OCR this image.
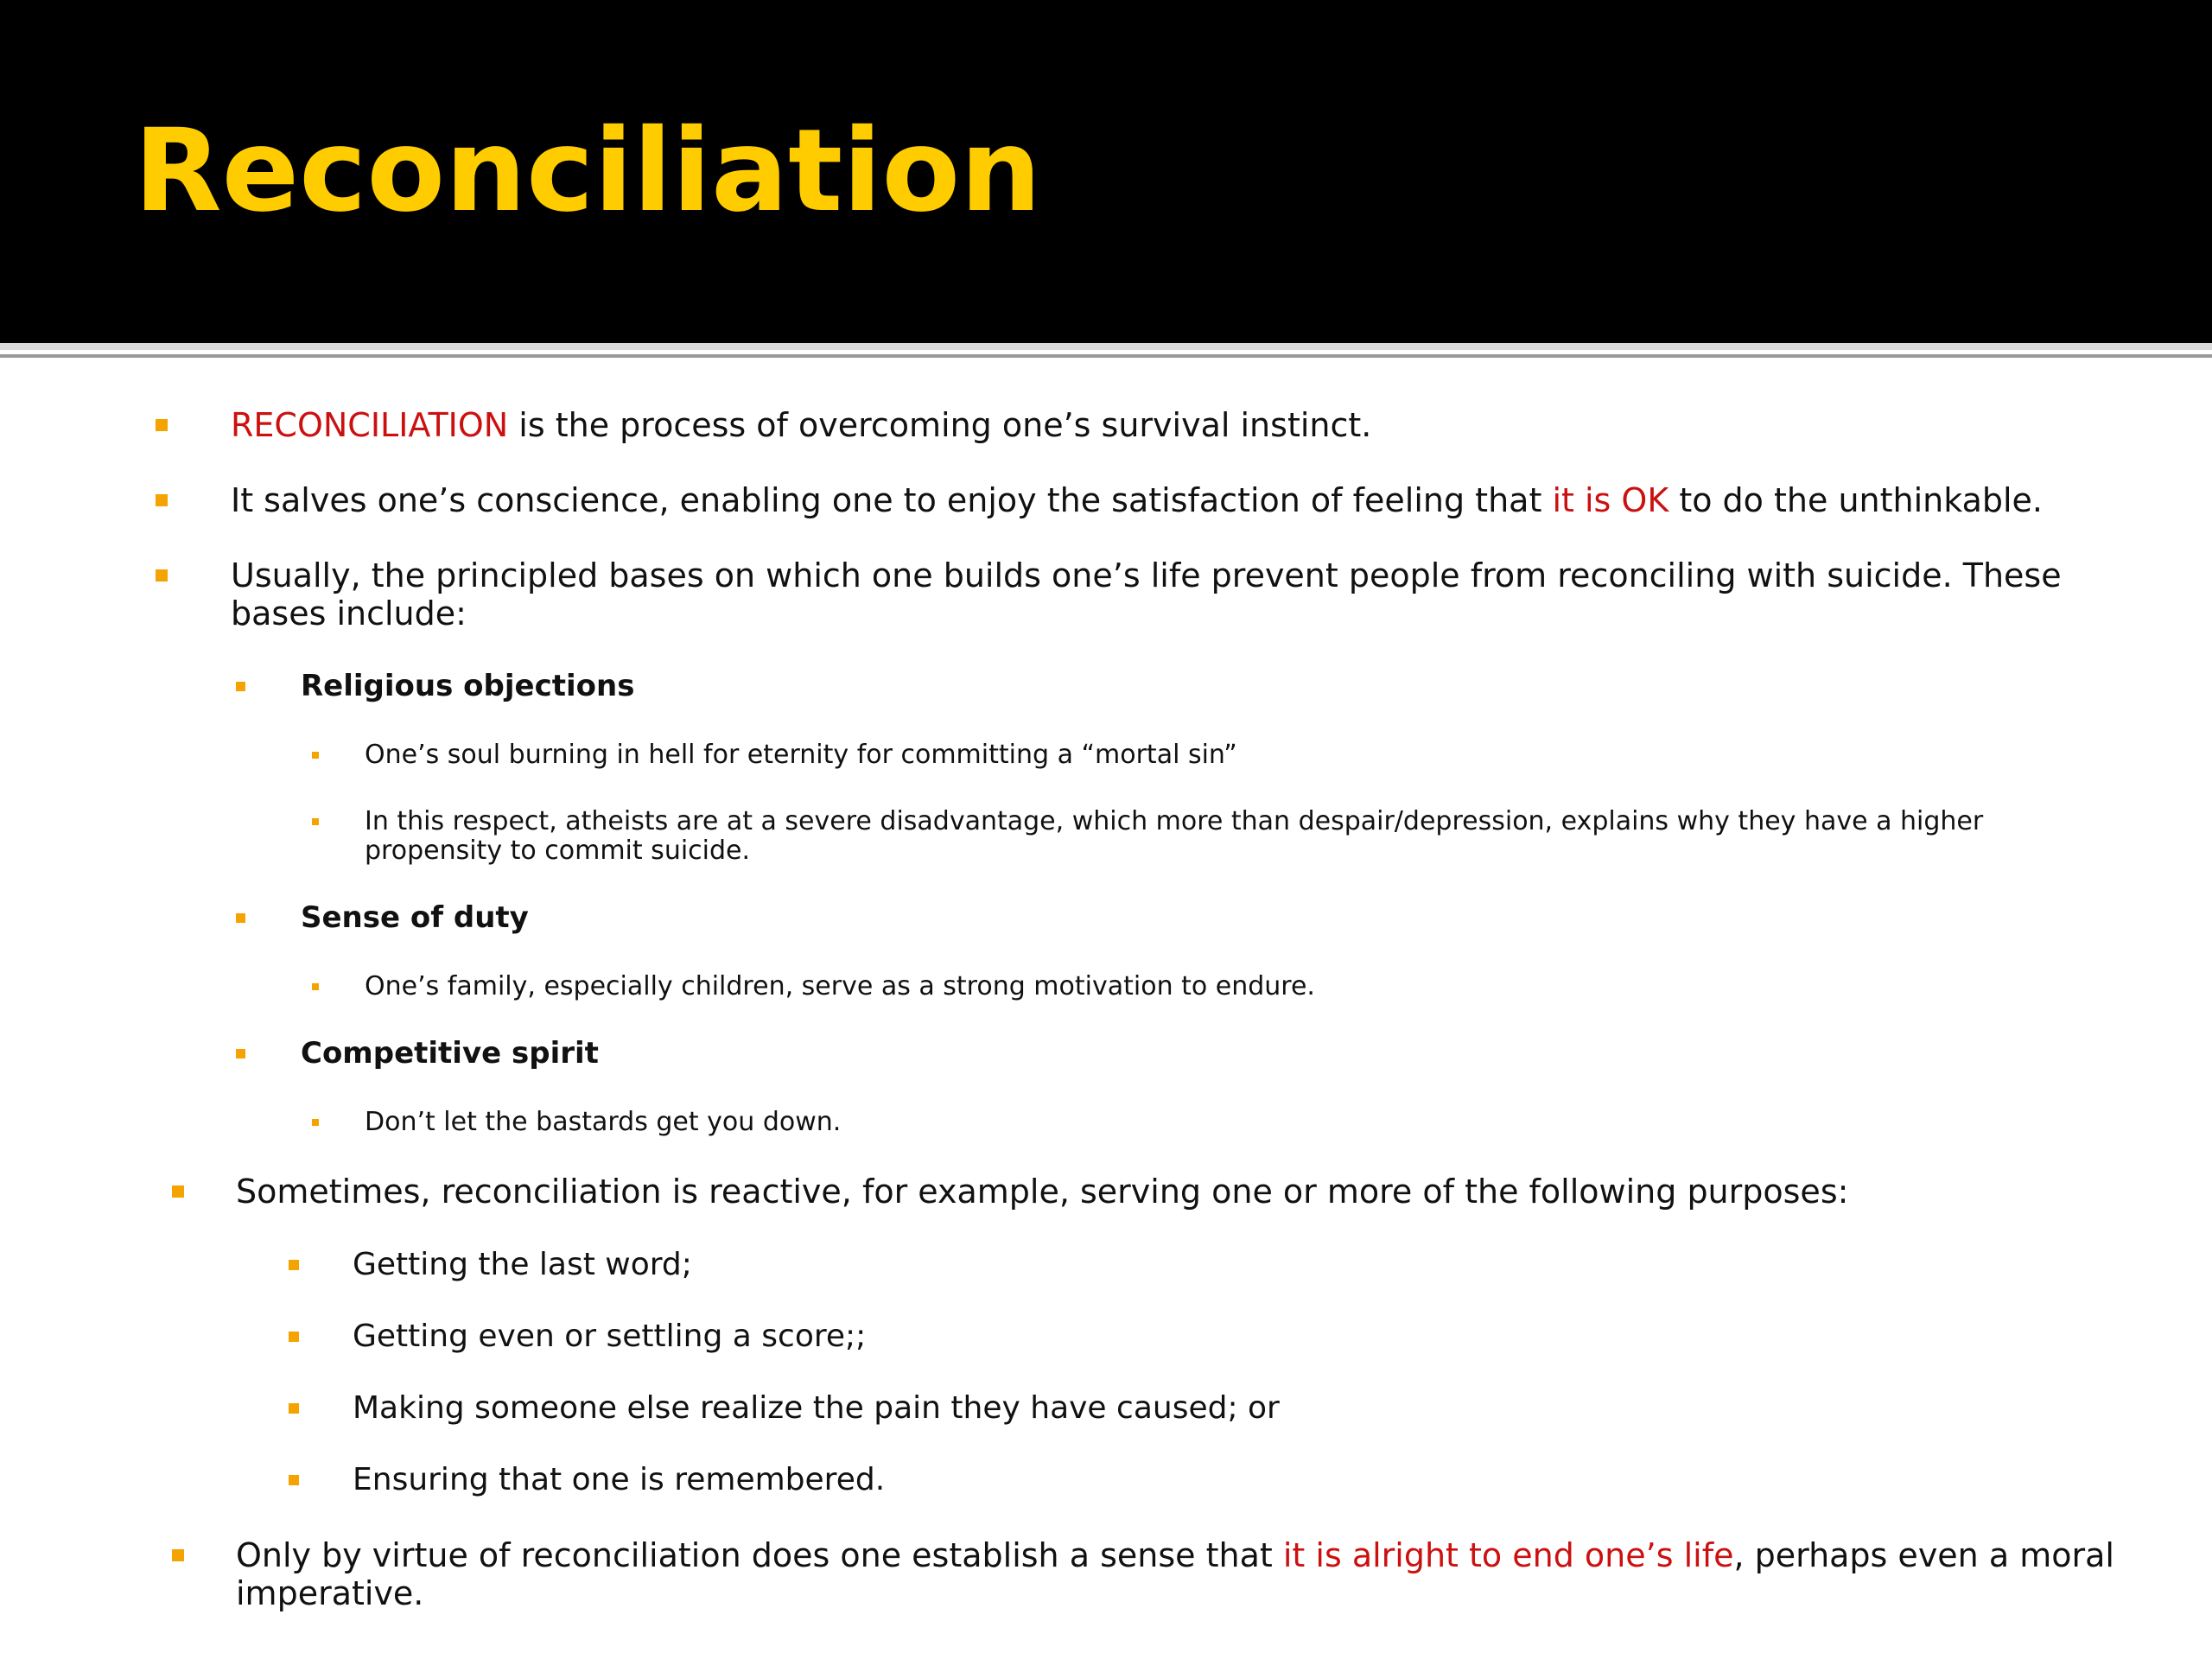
Reconciliation
RECONCILIATION is the process of overcoming one’s survival instinct.
It salves one’s conscience, enabling one to enjoy the satisfaction of feeling that it is OK to do the unthinkable.
Usually, the principled bases on which one builds one’s life prevent people from reconciling with suicide. These bases include:
Religious objections
One’s soul burning in hell for eternity for committing a “mortal sin”
In this respect, atheists are at a severe disadvantage, which more than despair/depression, explains why they have a higher propensity to commit suicide.
Sense of duty
One’s family, especially children, serve as a strong motivation to endure.
Competitive spirit
Don’t let the bastards get you down.
Sometimes, reconciliation is reactive, for example, serving one or more of the following purposes:
Getting the last word;
Getting even or settling a score;;
Making someone else realize the pain they have caused; or
Ensuring that one is remembered.
Only by virtue of reconciliation does one establish a sense that it is alright to end one’s life, perhaps even a moral imperative.
